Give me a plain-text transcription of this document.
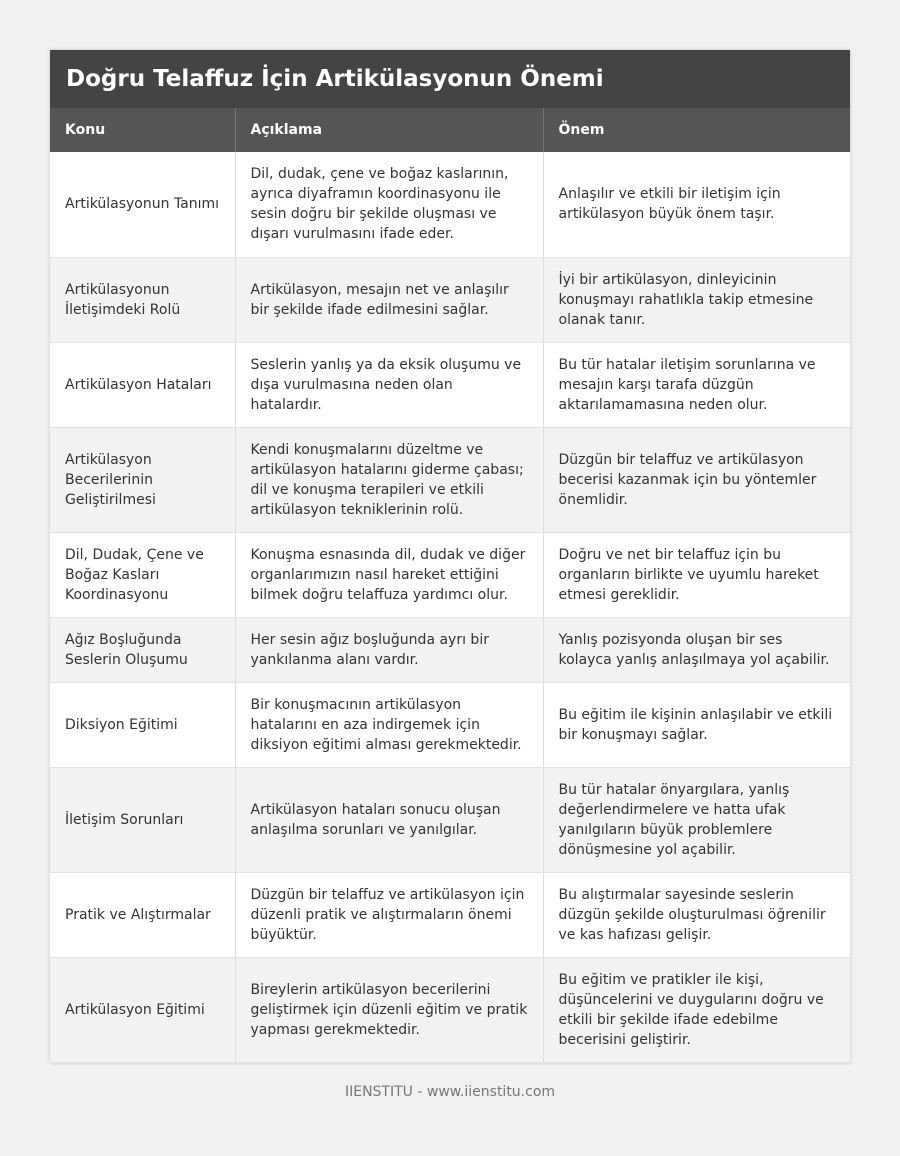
Doğru Telaffuz İçin Artikülasyonun Önemi
Konu	Açıklama	Önem
Artikülasyonun Tanımı	Dil, dudak, çene ve boğaz kaslarının, ayrıca diyaframın koordinasyonu ile sesin doğru bir şekilde oluşması ve dışarı vurulmasını ifade eder.	Anlaşılır ve etkili bir iletişim için artikülasyon büyük önem taşır.
Artikülasyonun İletişimdeki Rolü	Artikülasyon, mesajın net ve anlaşılır bir şekilde ifade edilmesini sağlar.	İyi bir artikülasyon, dinleyicinin konuşmayı rahatlıkla takip etmesine olanak tanır.
Artikülasyon Hataları	Seslerin yanlış ya da eksik oluşumu ve dışa vurulmasına neden olan hatalardır.	Bu tür hatalar iletişim sorunlarına ve mesajın karşı tarafa düzgün aktarılamamasına neden olur.
Artikülasyon Becerilerinin Geliştirilmesi	Kendi konuşmalarını düzeltme ve artikülasyon hatalarını giderme çabası; dil ve konuşma terapileri ve etkili artikülasyon tekniklerinin rolü.	Düzgün bir telaffuz ve artikülasyon becerisi kazanmak için bu yöntemler önemlidir.
Dil, Dudak, Çene ve Boğaz Kasları Koordinasyonu	Konuşma esnasında dil, dudak ve diğer organlarımızın nasıl hareket ettiğini bilmek doğru telaffuza yardımcı olur.	Doğru ve net bir telaffuz için bu organların birlikte ve uyumlu hareket etmesi gereklidir.
Ağız Boşluğunda Seslerin Oluşumu	Her sesin ağız boşluğunda ayrı bir yankılanma alanı vardır.	Yanlış pozisyonda oluşan bir ses kolayca yanlış anlaşılmaya yol açabilir.
Diksiyon Eğitimi	Bir konuşmacının artikülasyon hatalarını en aza indirgemek için diksiyon eğitimi alması gerekmektedir.	Bu eğitim ile kişinin anlaşılabir ve etkili bir konuşmayı sağlar.
İletişim Sorunları	Artikülasyon hataları sonucu oluşan anlaşılma sorunları ve yanılgılar.	Bu tür hatalar önyargılara, yanlış değerlendirmelere ve hatta ufak yanılgıların büyük problemlere dönüşmesine yol açabilir.
Pratik ve Alıştırmalar	Düzgün bir telaffuz ve artikülasyon için düzenli pratik ve alıştırmaların önemi büyüktür.	Bu alıştırmalar sayesinde seslerin düzgün şekilde oluşturulması öğrenilir ve kas hafızası gelişir.
Artikülasyon Eğitimi	Bireylerin artikülasyon becerilerini geliştirmek için düzenli eğitim ve pratik yapması gerekmektedir.	Bu eğitim ve pratikler ile kişi, düşüncelerini ve duygularını doğru ve etkili bir şekilde ifade edebilme becerisini geliştirir.
IIENSTITU - www.iienstitu.com
